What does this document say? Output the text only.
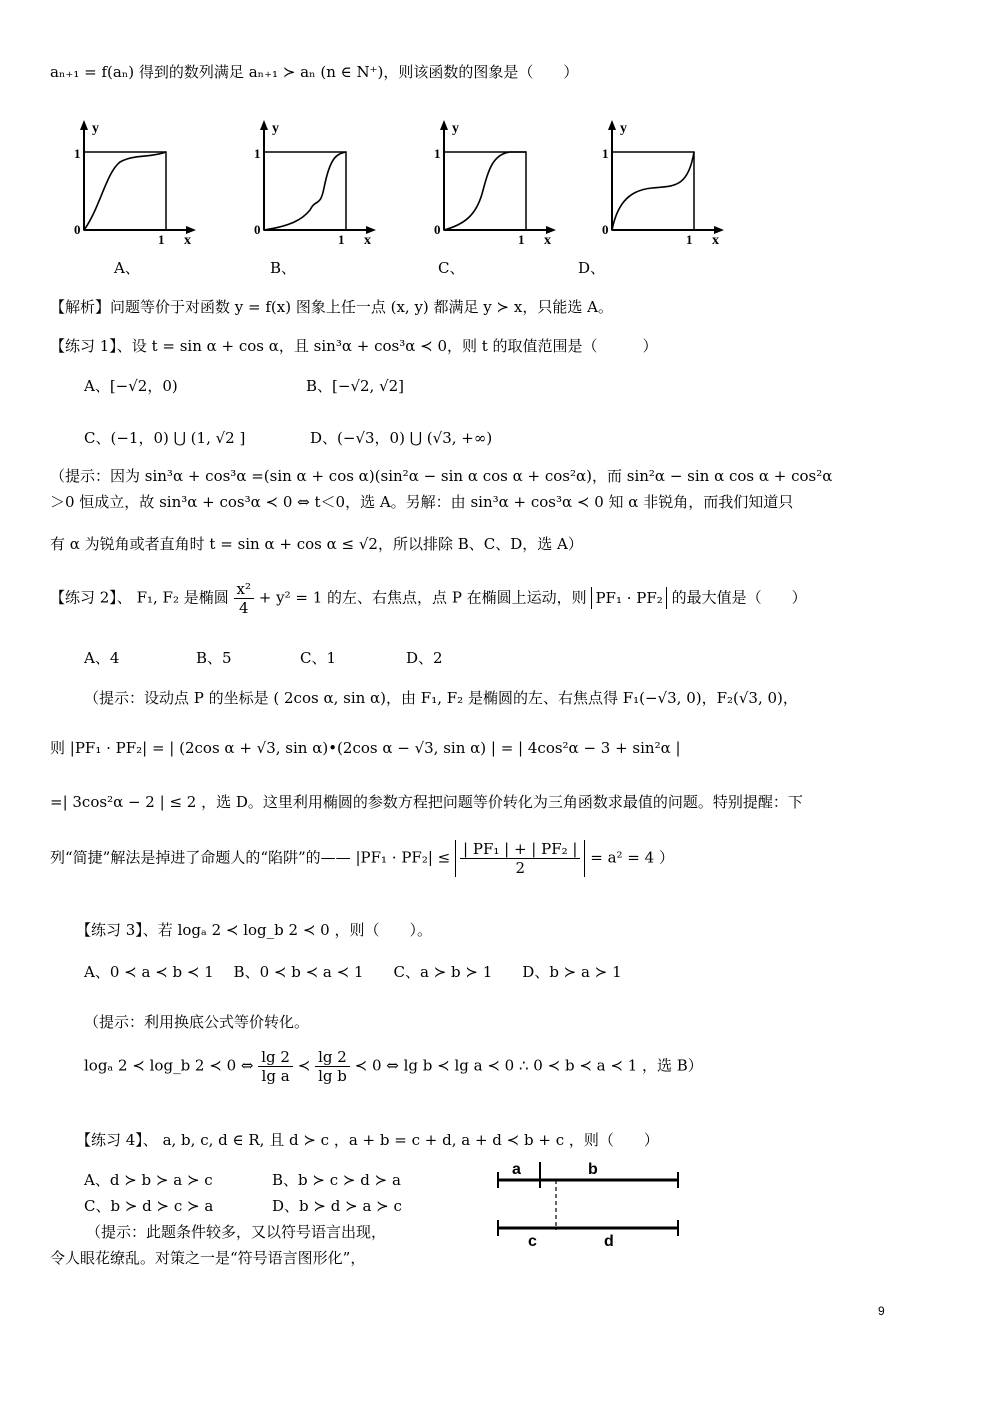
aₙ₊₁ = f(aₙ) 得到的数列满足 aₙ₊₁ ≻ aₙ (n ∈ N⁺)，则该函数的图象是（　　）
y
1
0
1 x
y
1
0
1 x
y
1
0
1 x
y
1
0
1 x
A、	B、	C、	D、
【解析】问题等价于对函数 y = f(x) 图象上任一点 (x, y) 都满足 y ≻ x，只能选 A。
【练习 1】、设 t = sin α + cos α，且 sin³α + cos³α ≺ 0，则 t 的取值范围是（　　　）
A、[−√2，0)	B、[−√2, √2]
C、(−1，0) ⋃ (1, √2 ]	D、(−√3，0) ⋃ (√3, +∞)
（提示：因为 sin³α + cos³α =(sin α + cos α)(sin²α − sin α cos α + cos²α)，而 sin²α − sin α cos α + cos²α
＞0 恒成立，故 sin³α + cos³α ≺ 0 ⇔ t＜0，选 A。另解：由 sin³α + cos³α ≺ 0 知 α 非锐角，而我们知道只
有 α 为锐角或者直角时 t = sin α + cos α ≤ √2，所以排除 B、C、D，选 A）
【练习 2】、 F₁, F₂ 是椭圆 $\frac{\text{x²}}{4} + y^2 = 1$ 的左、右焦点，点 P 在椭圆上运动，则 PF₁ · PF₂ 的最大值是（　　）
A、4	B、5	C、1	D、2
（提示：设动点 P 的坐标是 ( 2cos α, sin α)，由 F₁, F₂ 是椭圆的左、右焦点得 F₁(−√3, 0)，F₂(√3, 0)，
则 |PF₁ · PF₂| = | (2cos α + √3, sin α)•(2cos α − √3, sin α) | = | 4cos²α − 3 + sin²α |
=| 3cos²α − 2 | ≤ 2 ，选 D。这里利用椭圆的参数方程把问题等价转化为三角函数求最值的问题。特别提醒：下
列“简捷”解法是掉进了命题人的“陷阱”的—— $|PF_1 \cdot PF_2| \le \frac{\text{| PF₁ | + | PF₂ |}}{2} = a^2 = 4$ ）
【练习 3】、若 logₐ 2 ≺ log_b 2 ≺ 0 ，则（　　）。
A、0 ≺ a ≺ b ≺ 1　 B、0 ≺ b ≺ a ≺ 1　　C、a ≻ b ≻ 1　　D、b ≻ a ≻ 1
（提示：利用换底公式等价转化。
logₐ 2 ≺ log_b 2 ≺ 0 ⇔ $\frac{\lg 2}{\text{lg a}}$ ≺ $\frac{\lg 2}{\text{lg b}}$ ≺ 0 ⇔ lg b ≺ lg a ≺ 0 ∴ 0 ≺ b ≺ a ≺ 1 ，选 B）
【练习 4】、 a, b, c, d ∈ R, 且 d ≻ c ，a + b = c + d, a + d ≺ b + c ，则（　　）
A、d ≻ b ≻ a ≻ c	B、b ≻ c ≻ d ≻ a
C、b ≻ d ≻ c ≻ a	D、b ≻ d ≻ a ≻ c
（提示：此题条件较多，又以符号语言出现，
令人眼花缭乱。对策之一是“符号语言图形化”，
a	b
c	d
9
